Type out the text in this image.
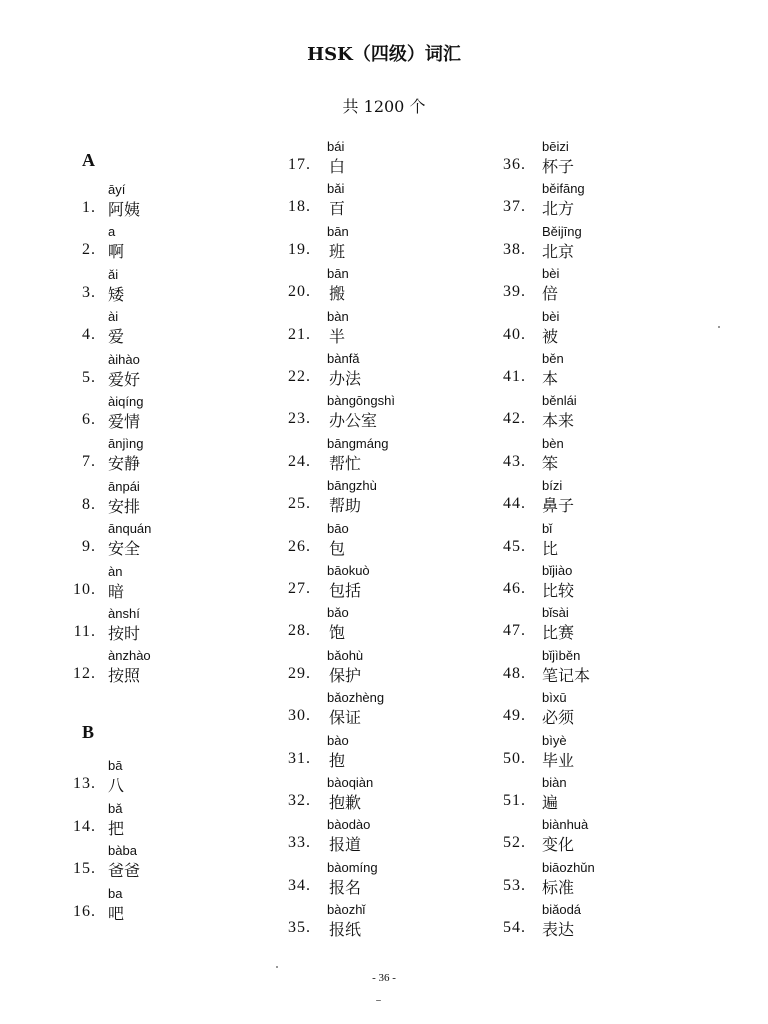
HSK（四级）词汇
共 1200 个
A
B
āyí
1. 阿姨
a
2. 啊
ǎi
3. 矮
ài
4. 爱
àihào
5. 爱好
àiqíng
6. 爱情
ānjìng
7. 安静
ānpái
8. 安排
ānquán
9. 安全
àn
10. 暗
ànshí
11. 按时
ànzhào
12. 按照
bā
13. 八
bǎ
14. 把
bàba
15. 爸爸
ba
16. 吧
bái
17. 白
bǎi
18. 百
bān
19. 班
bān
20. 搬
bàn
21. 半
bànfǎ
22. 办法
bàngōngshì
23. 办公室
bāngmáng
24. 帮忙
bāngzhù
25. 帮助
bāo
26. 包
bāokuò
27. 包括
bǎo
28. 饱
bǎohù
29. 保护
bǎozhèng
30. 保证
bào
31. 抱
bàoqiàn
32. 抱歉
bàodào
33. 报道
bàomíng
34. 报名
bàozhǐ
35. 报纸
bēizi
36. 杯子
běifāng
37. 北方
Běijīng
38. 北京
bèi
39. 倍
bèi
40. 被
běn
41. 本
běnlái
42. 本来
bèn
43. 笨
bízi
44. 鼻子
bǐ
45. 比
bǐjiào
46. 比较
bǐsài
47. 比赛
bǐjìběn
48. 笔记本
bìxū
49. 必须
bìyè
50. 毕业
biàn
51. 遍
biànhuà
52. 变化
biāozhǔn
53. 标准
biǎodá
54. 表达
- 36 -
